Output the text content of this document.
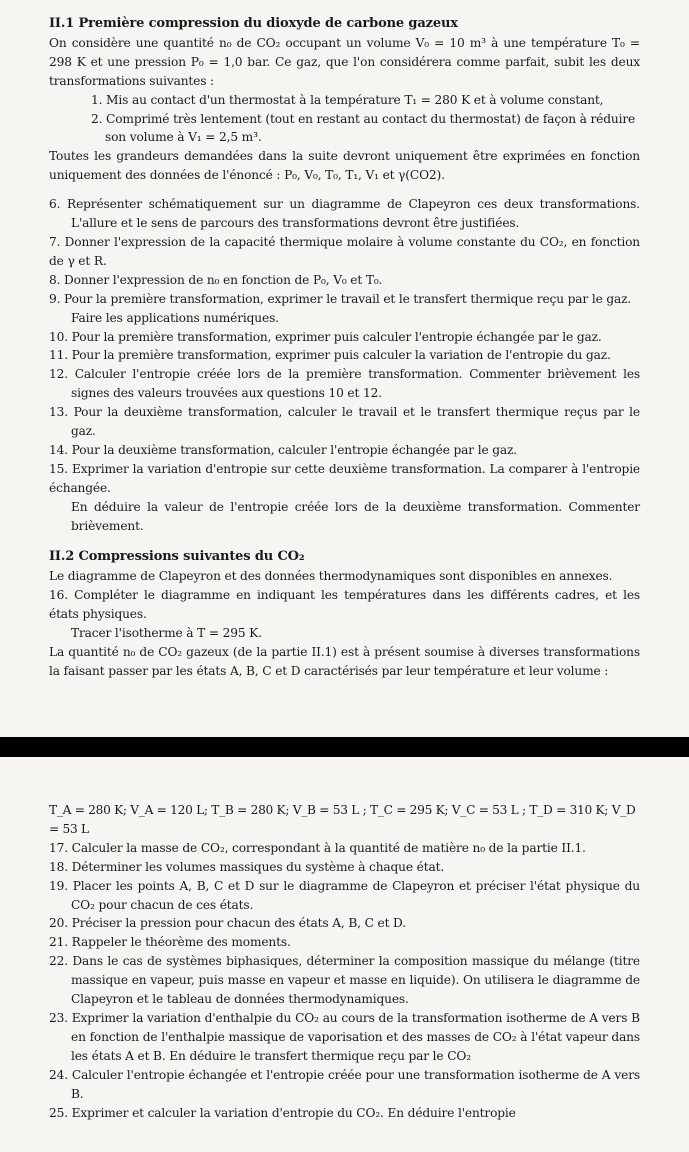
II.1 Première compression du dioxyde de carbone gazeux
On considère une quantité n₀ de CO₂ occupant un volume V₀ = 10 m³ à une température T₀ = 298 K et une pression P₀ = 1,0 bar. Ce gaz, que l'on considérera comme parfait, subit les deux transformations suivantes :
1. Mis au contact d'un thermostat à la température T₁ = 280 K et à volume constant,
2. Comprimé très lentement (tout en restant au contact du thermostat) de façon à réduire son volume à V₁ = 2,5 m³.
Toutes les grandeurs demandées dans la suite devront uniquement être exprimées en fonction uniquement des données de l'énoncé : P₀, V₀, T₀, T₁, V₁ et γ(CO2).
6. Représenter schématiquement sur un diagramme de Clapeyron ces deux transformations. L'allure et le sens de parcours des transformations devront être justifiées.
7. Donner l'expression de la capacité thermique molaire à volume constante du CO₂, en fonction de γ et R.
8. Donner l'expression de n₀ en fonction de P₀, V₀ et T₀.
9. Pour la première transformation, exprimer le travail et le transfert thermique reçu par le gaz.
Faire les applications numériques.
10. Pour la première transformation, exprimer puis calculer l'entropie échangée par le gaz.
11. Pour la première transformation, exprimer puis calculer la variation de l'entropie du gaz.
12. Calculer l'entropie créée lors de la première transformation. Commenter brièvement les signes des valeurs trouvées aux questions 10 et 12.
13. Pour la deuxième transformation, calculer le travail et le transfert thermique reçus par le gaz.
14. Pour la deuxième transformation, calculer l'entropie échangée par le gaz.
15. Exprimer la variation d'entropie sur cette deuxième transformation. La comparer à l'entropie échangée.
En déduire la valeur de l'entropie créée lors de la deuxième transformation. Commenter brièvement.
II.2 Compressions suivantes du CO₂
Le diagramme de Clapeyron et des données thermodynamiques sont disponibles en annexes.
16. Compléter le diagramme en indiquant les températures dans les différents cadres, et les états physiques.
Tracer l'isotherme à T = 295 K.
La quantité n₀ de CO₂ gazeux (de la partie II.1) est à présent soumise à diverses transformations la faisant passer par les états A, B, C et D caractérisés par leur température et leur volume :
T_A = 280 K; V_A = 120 L; T_B = 280 K; V_B = 53 L ; T_C = 295 K; V_C = 53 L ; T_D = 310 K; V_D = 53 L
17. Calculer la masse de CO₂, correspondant à la quantité de matière n₀ de la partie II.1.
18. Déterminer les volumes massiques du système à chaque état.
19. Placer les points A, B, C et D sur le diagramme de Clapeyron et préciser l'état physique du CO₂ pour chacun de ces états.
20. Préciser la pression pour chacun des états A, B, C et D.
21. Rappeler le théorème des moments.
22. Dans le cas de systèmes biphasiques, déterminer la composition massique du mélange (titre massique en vapeur, puis masse en vapeur et masse en liquide). On utilisera le diagramme de Clapeyron et le tableau de données thermodynamiques.
23. Exprimer la variation d'enthalpie du CO₂ au cours de la transformation isotherme de A vers B en fonction de l'enthalpie massique de vaporisation et des masses de CO₂ à l'état vapeur dans les états A et B. En déduire le transfert thermique reçu par le CO₂
24. Calculer l'entropie échangée et l'entropie créée pour une transformation isotherme de A vers B.
25. Exprimer et calculer la variation d'entropie du CO₂. En déduire l'entropie
